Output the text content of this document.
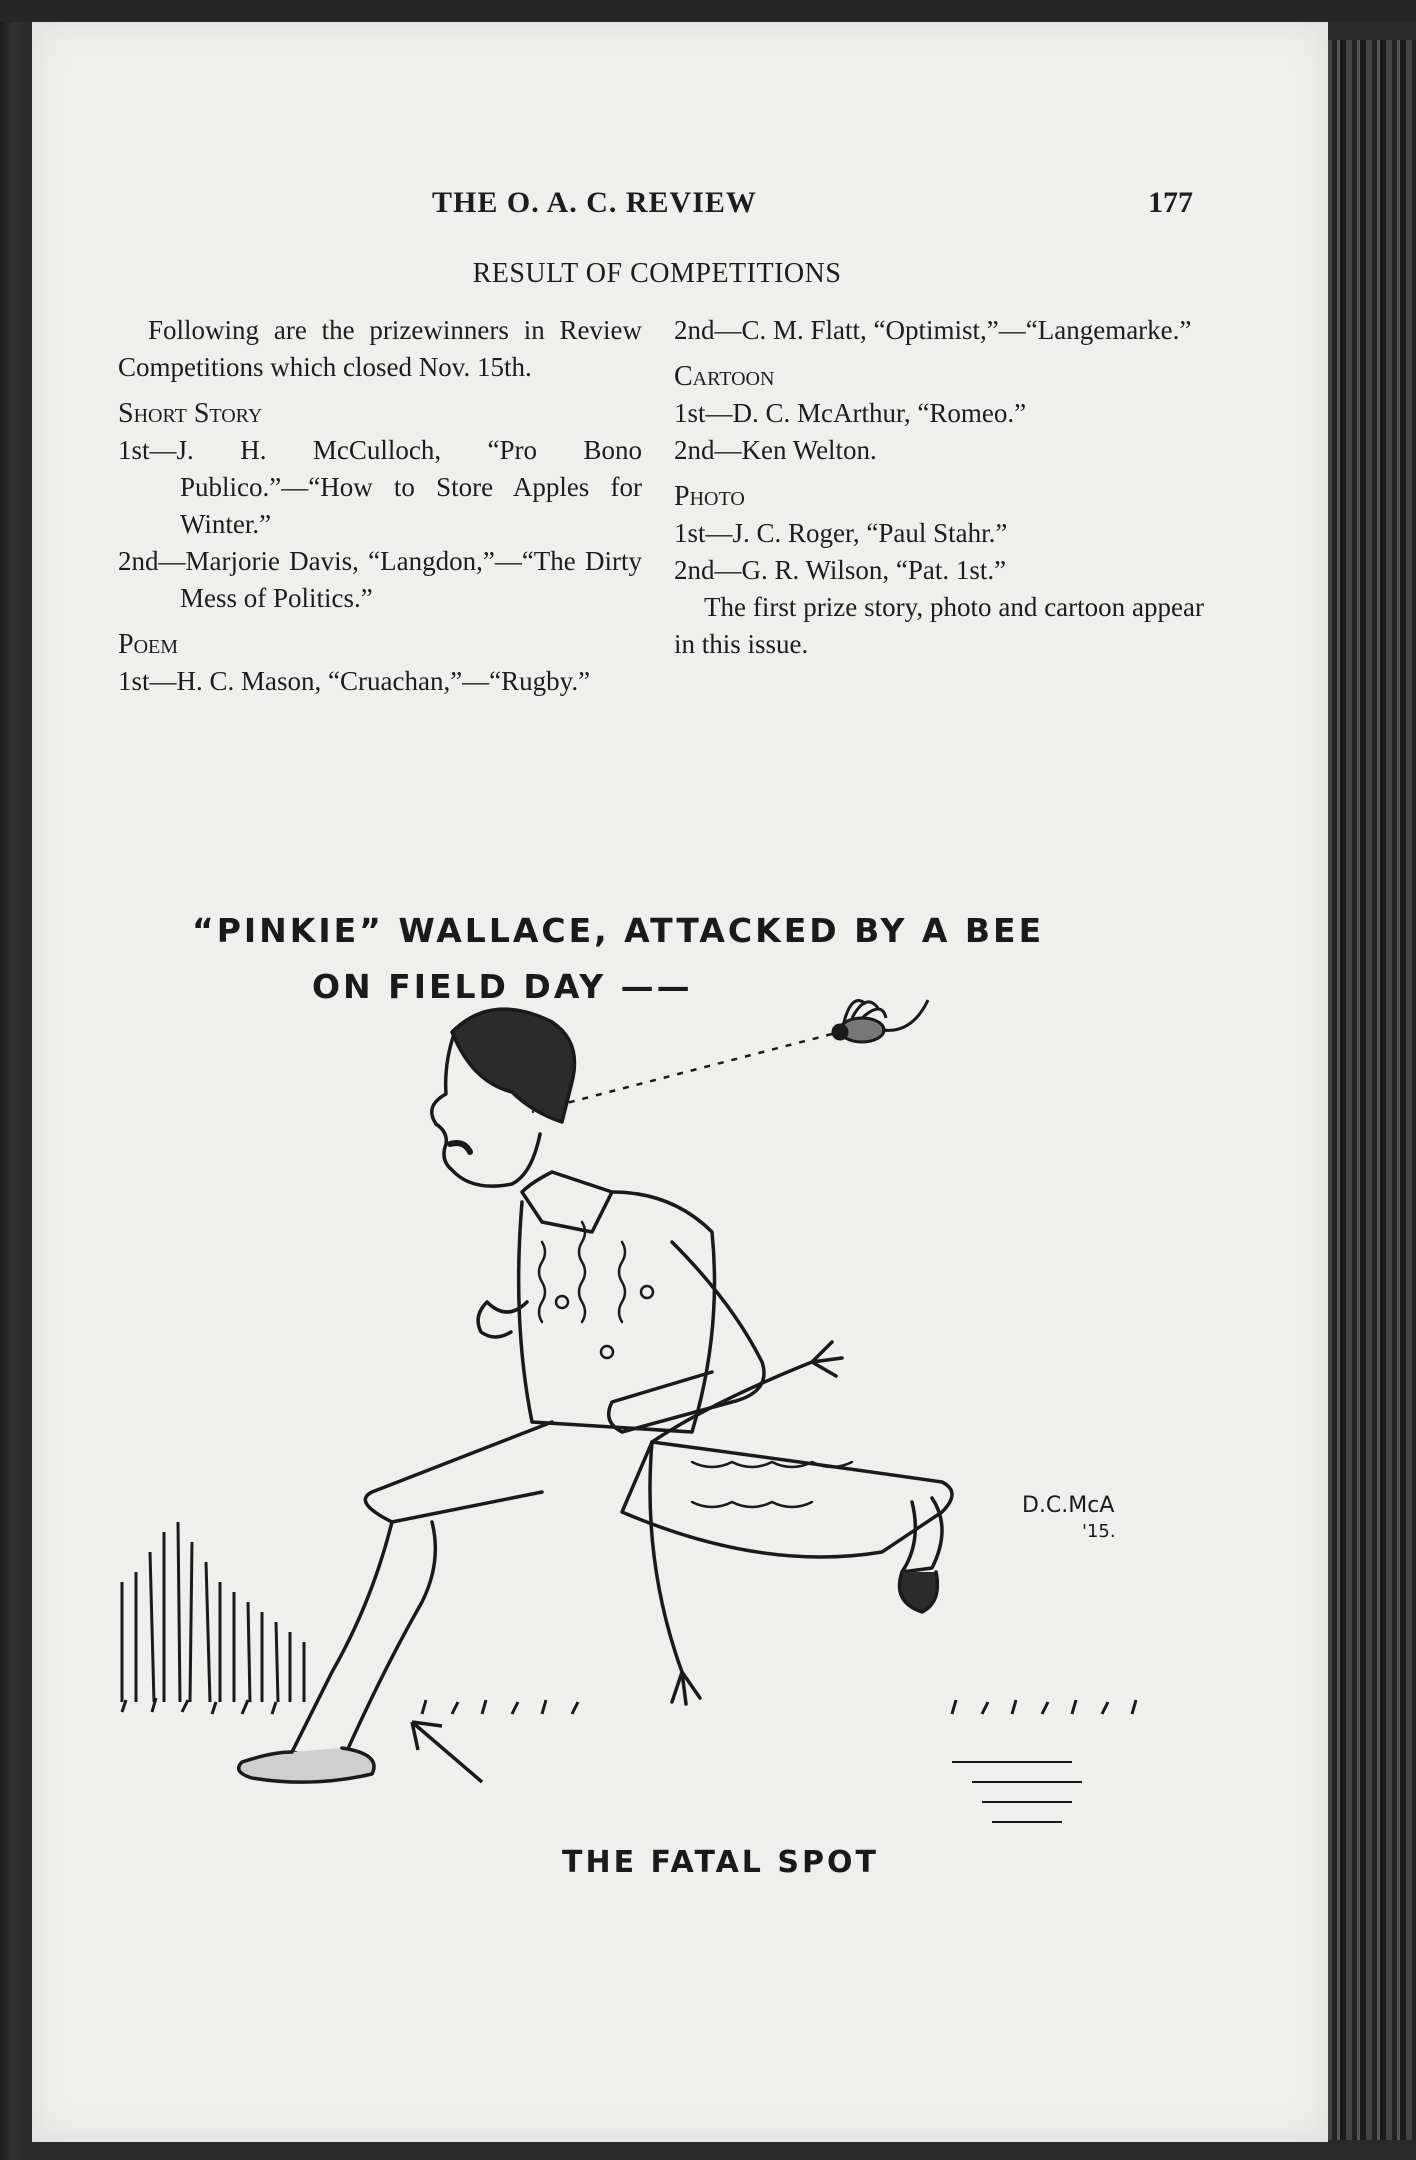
THE O. A. C. REVIEW	177
RESULT OF COMPETITIONS

Following are the prizewinners in Review Competitions which closed Nov. 15th.

Short Story

1st—J. H. McCulloch, “Pro Bono Publico.”—“How to Store Apples for Winter.”

2nd—Marjorie Davis, “Langdon,”—“The Dirty Mess of Politics.”

Poem

1st—H. C. Mason, “Cruachan,”—“Rugby.”

2nd—C. M. Flatt, “Optimist,”—“Langemarke.”

Cartoon

1st—D. C. McArthur, “Romeo.”

2nd—Ken Welton.

Photo

1st—J. C. Roger, “Paul Stahr.”

2nd—G. R. Wilson, “Pat. 1st.”

The first prize story, photo and cartoon appear in this issue.

“PINKIE” WALLACE, ATTACKED BY A BEE
ON FIELD DAY ——
D.C.McA
'15.
THE FATAL SPOT
